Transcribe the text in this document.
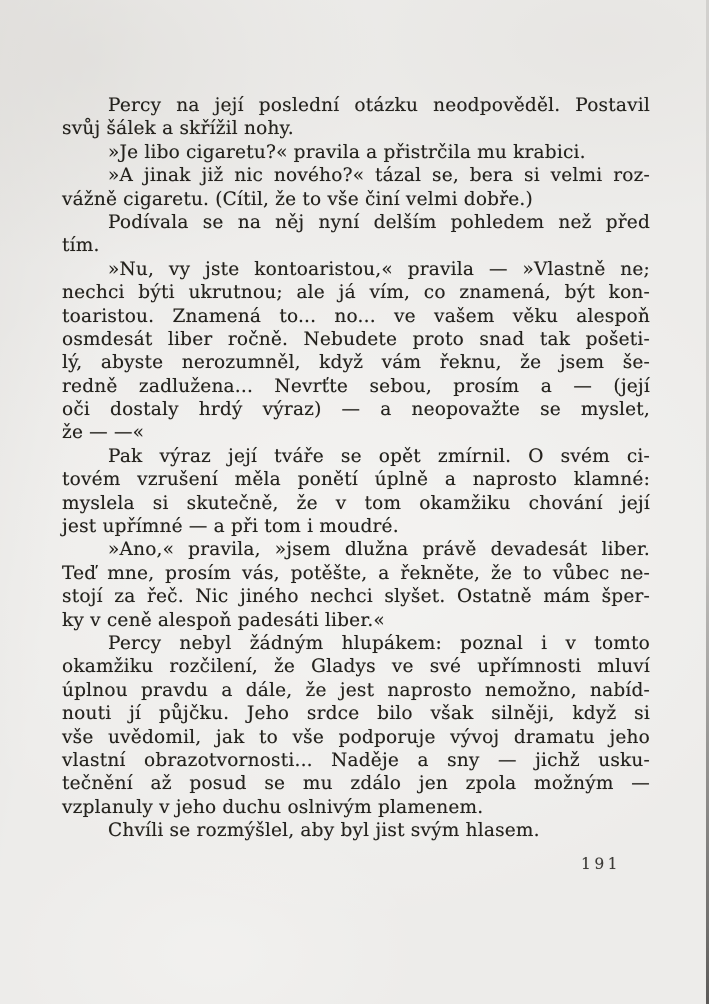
Percy na její poslední otázku neodpověděl. Postavil
svůj šálek a skřížil nohy.
»Je libo cigaretu?« pravila a přistrčila mu krabici.
»A jinak již nic nového?« tázal se, bera si velmi roz-
vážně cigaretu. (Cítil, že to vše činí velmi dobře.)
Podívala se na něj nyní delším pohledem než před
tím.
»Nu, vy jste kontoaristou,« pravila — »Vlastně ne;
nechci býti ukrutnou; ale já vím, co znamená, být kon-
toaristou. Znamená to... no... ve vašem věku alespoň
osmdesát liber ročně. Nebudete proto snad tak pošeti-
lý, abyste nerozumněl, když vám řeknu, že jsem še-
redně zadlužena... Nevrťte sebou, prosím a — (její
oči dostaly hrdý výraz) — a neopovažte se myslet,
že — —«
Pak výraz její tváře se opět zmírnil. O svém ci-
tovém vzrušení měla ponětí úplně a naprosto klamné:
myslela si skutečně, že v tom okamžiku chování její
jest upřímné — a při tom i moudré.
»Ano,« pravila, »jsem dlužna právě devadesát liber.
Teď mne, prosím vás, potěšte, a řekněte, že to vůbec ne-
stojí za řeč. Nic jiného nechci slyšet. Ostatně mám šper-
ky v ceně alespoň padesáti liber.«
Percy nebyl žádným hlupákem: poznal i v tomto
okamžiku rozčilení, že Gladys ve své upřímnosti mluví
úplnou pravdu a dále, že jest naprosto nemožno, nabíd-
nouti jí půjčku. Jeho srdce bilo však silněji, když si
vše uvědomil, jak to vše podporuje vývoj dramatu jeho
vlastní obrazotvornosti... Naděje a sny — jichž usku-
tečnění až posud se mu zdálo jen zpola možným —
vzplanuly v jeho duchu oslnivým plamenem.
Chvíli se rozmýšlel, aby byl jist svým hlasem.
191
